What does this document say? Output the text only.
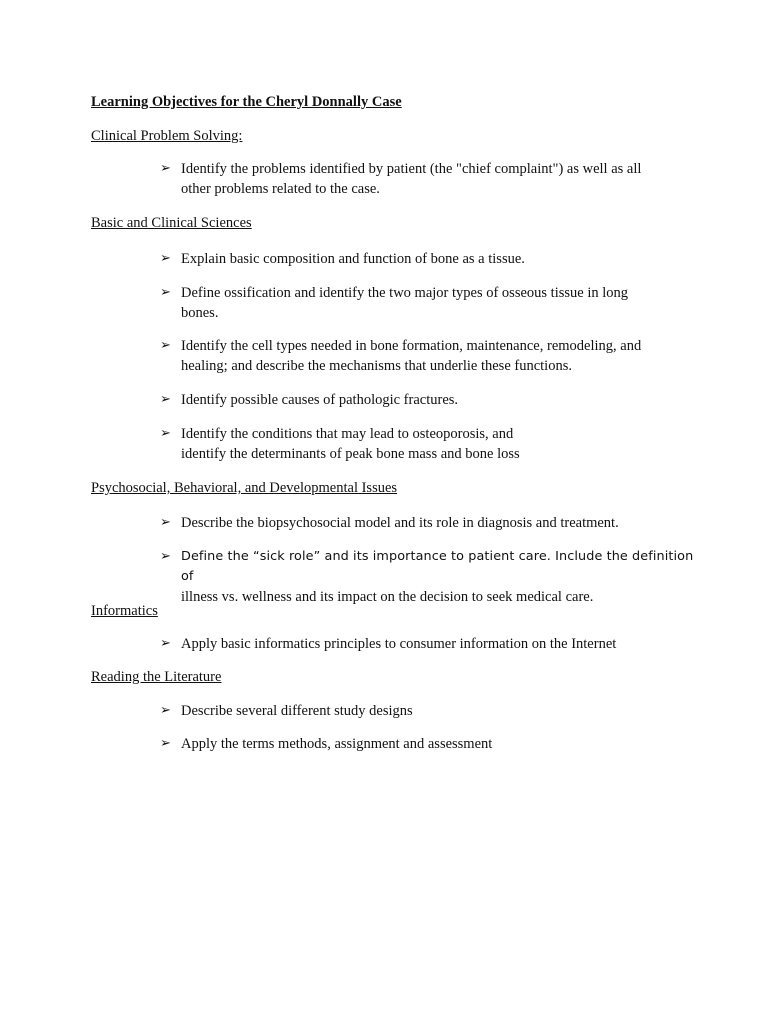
Learning Objectives for the Cheryl Donnally Case
Clinical Problem Solving:
➢ Identify the problems identified by patient (the "chief complaint") as well as all
other problems related to the case.
Basic and Clinical Sciences
➢ Explain basic composition and function of bone as a tissue.
➢ Define ossification and identify the two major types of osseous tissue in long
bones.
➢ Identify the cell types needed in bone formation, maintenance, remodeling, and
healing; and describe the mechanisms that underlie these functions.
➢ Identify possible causes of pathologic fractures.
➢ Identify the conditions that may lead to osteoporosis, and
identify the determinants of peak bone mass and bone loss
Psychosocial, Behavioral, and Developmental Issues
➢ Describe the biopsychosocial model and its role in diagnosis and treatment.
➢ Define the “sick role” and its importance to patient care. Include the definition of
illness vs. wellness and its impact on the decision to seek medical care.
Informatics
➢ Apply basic informatics principles to consumer information on the Internet
Reading the Literature
➢ Describe several different study designs
➢ Apply the terms methods, assignment and assessment
